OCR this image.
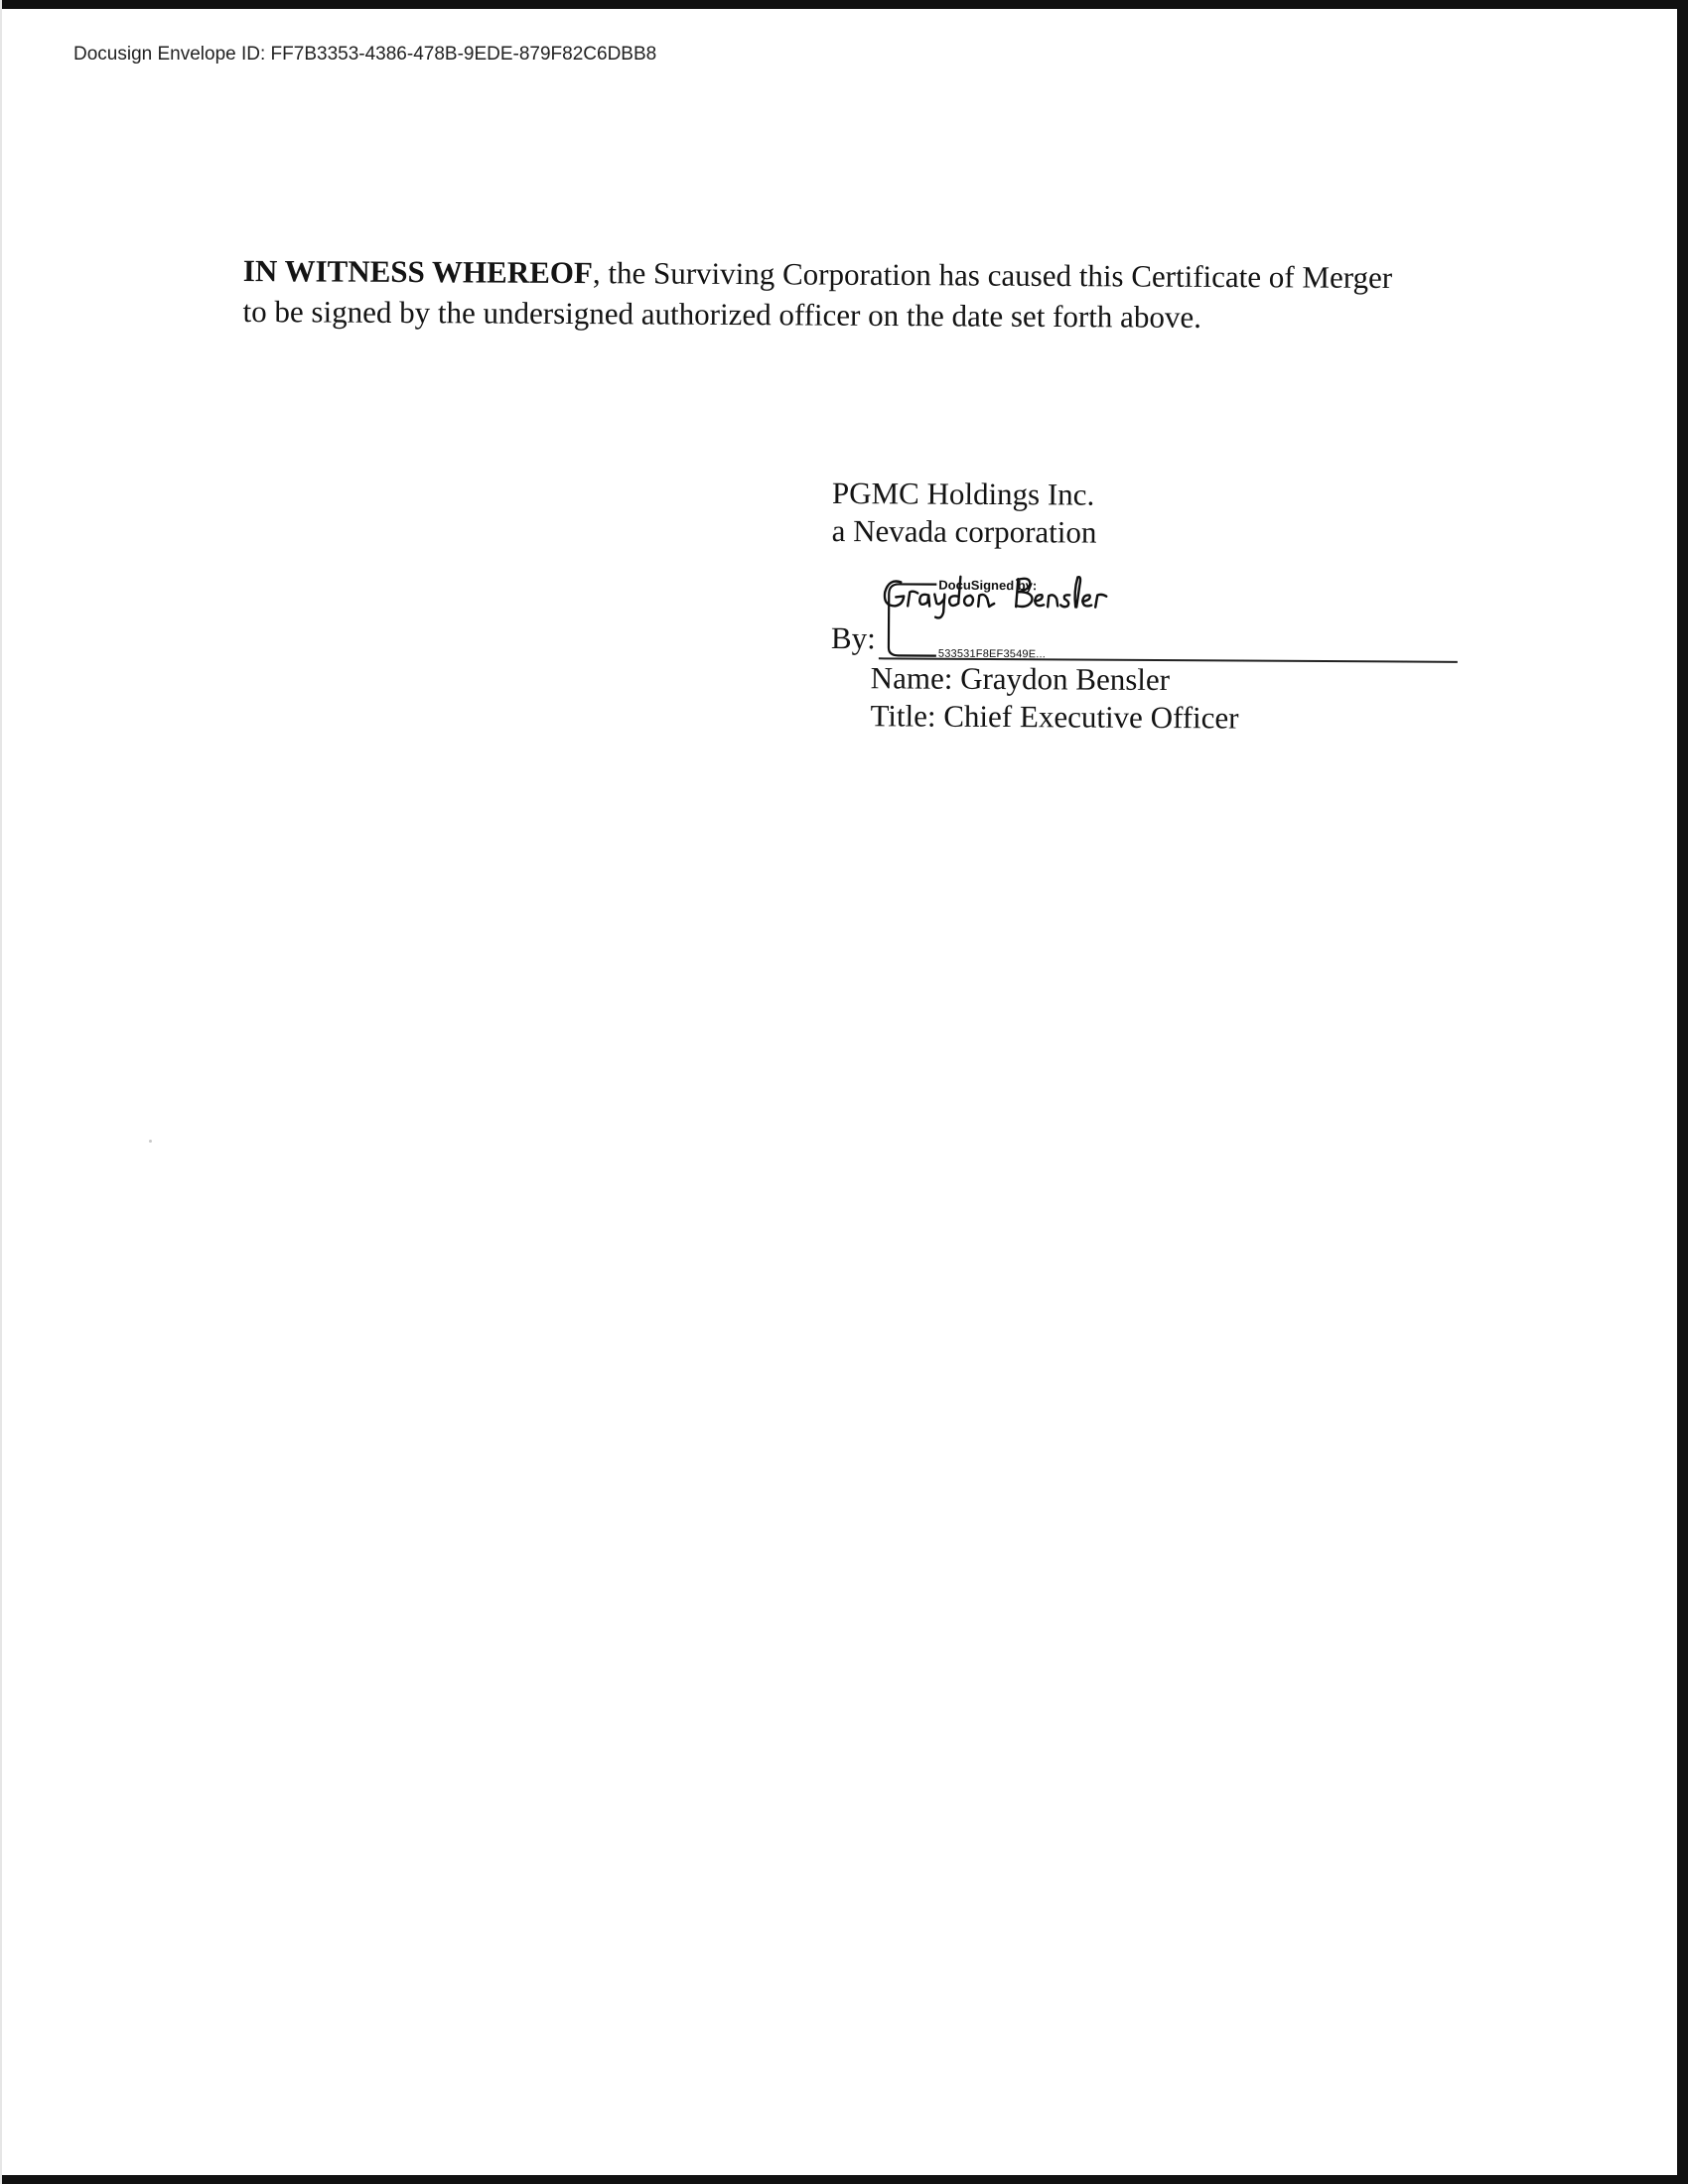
Docusign Envelope ID: FF7B3353-4386-478B-9EDE-879F82C6DBB8

IN WITNESS WHEREOF, the Surviving Corporation has caused this Certificate of Merger
to be signed by the undersigned authorized officer on the date set forth above.

PGMC Holdings Inc.
a Nevada corporation
DocuSigned by:
533531F8EF3549E...
By:
Name: Graydon Bensler
Title: Chief Executive Officer
